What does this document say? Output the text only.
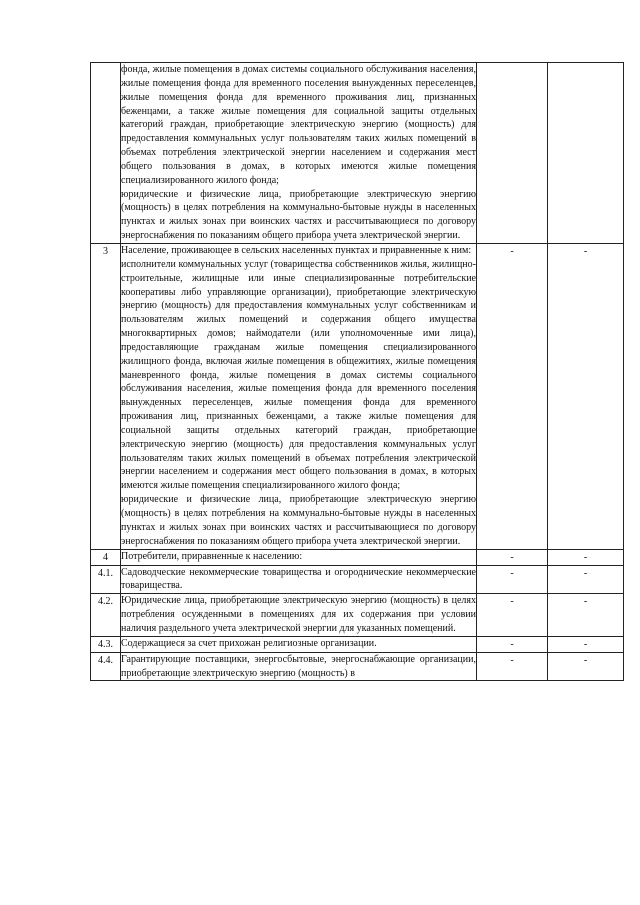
	фонда, жилые помещения в домах системы социального обслуживания населения, жилые помещения фонда для временного поселения вынужденных переселенцев, жилые помещения фонда для временного проживания лиц, признанных беженцами, а также жилые помещения для социальной защиты отдельных категорий граждан, приобретающие электрическую энергию (мощность) для предоставления коммунальных услуг пользователям таких жилых помещений в объемах потребления электрической энергии населением и содержания мест общего пользования в домах, в которых имеются жилые помещения специализированного жилого фонда;

юридические и физические лица, приобретающие электрическую энергию (мощность) в целях потребления на коммунально-бытовые нужды в населенных пунктах и жилых зонах при воинских частях и рассчитывающиеся по договору энергоснабжения по показаниям общего прибора учета электрической энергии.		

3	Население, проживающее в сельских населенных пунктах и приравненные к ним:

исполнители коммунальных услуг (товарищества собственников жилья, жилищно-строительные, жилищные или иные специализированные потребительские кооперативы либо управляющие организации), приобретающие электрическую энергию (мощность) для предоставления коммунальных услуг собственникам и пользователям жилых помещений и содержания общего имущества многоквартирных домов; наймодатели (или уполномоченные ими лица), предоставляющие гражданам жилые помещения специализированного жилищного фонда, включая жилые помещения в общежитиях, жилые помещения маневренного фонда, жилые помещения в домах системы социального обслуживания населения, жилые помещения фонда для временного поселения вынужденных переселенцев, жилые помещения фонда для временного проживания лиц, признанных беженцами, а также жилые помещения для социальной защиты отдельных категорий граждан, приобретающие электрическую энергию (мощность) для предоставления коммунальных услуг пользователям таких жилых помещений в объемах потребления электрической энергии населением и содержания мест общего пользования в домах, в которых имеются жилые помещения специализированного жилого фонда;

юридические и физические лица, приобретающие электрическую энергию (мощность) в целях потребления на коммунально-бытовые нужды в населенных пунктах и жилых зонах при воинских частях и рассчитывающиеся по договору энергоснабжения по показаниям общего прибора учета электрической энергии.	-	-
4	Потребители, приравненные к населению:	-	-
4.1.	Садоводческие некоммерческие товарищества и огороднические некоммерческие товарищества.	-	-
4.2.	Юридические лица, приобретающие электрическую энергию (мощность) в целях потребления осужденными в помещениях для их содержания при условии наличия раздельного учета электрической энергии для указанных помещений.	-	-
4.3.	Содержащиеся за счет прихожан религиозные организации.	-	-
4.4.	Гарантирующие поставщики, энергосбытовые, энергоснабжающие организации, приобретающие электрическую энергию (мощность) в	-	-
